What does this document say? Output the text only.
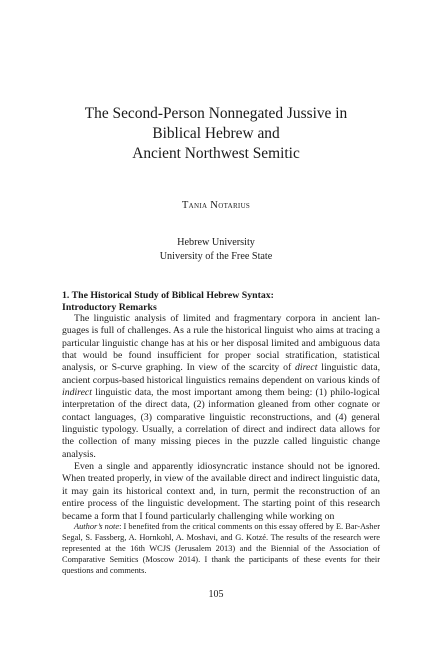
The Second-Person Nonnegated Jussive in
Biblical Hebrew and
Ancient Northwest Semitic
Tania Notarius
Hebrew University
University of the Free State
1. The Historical Study of Biblical Hebrew Syntax:
Introductory Remarks

The linguistic analysis of limited and fragmentary corpora in ancient lan-guages is full of challenges. As a rule the historical linguist who aims at tracing a particular linguistic change has at his or her disposal limited and ambiguous data that would be found insufficient for proper social stratification, statistical analysis, or S-curve graphing. In view of the scarcity of direct linguistic data, ancient corpus-based historical linguistics remains dependent on various kinds of indirect linguistic data, the most important among them being: (1) philo-logical interpretation of the direct data, (2) information gleaned from other cognate or contact languages, (3) comparative linguistic reconstructions, and (4) general linguistic typology. Usually, a correlation of direct and indirect data allows for the collection of many missing pieces in the puzzle called linguistic change analysis.

Even a single and apparently idiosyncratic instance should not be ignored. When treated properly, in view of the available direct and indirect linguistic data, it may gain its historical context and, in turn, permit the reconstruction of an entire process of the linguistic development. The starting point of this research became a form that I found particularly challenging while working on

Author’s note: I benefited from the critical comments on this essay offered by E. Bar-Asher Segal, S. Fassberg, A. Hornkohl, A. Moshavi, and G. Kotzé. The results of the research were represented at the 16th WCJS (Jerusalem 2013) and the Biennial of the Association of Comparative Semitics (Moscow 2014). I thank the participants of these events for their questions and comments.

105
